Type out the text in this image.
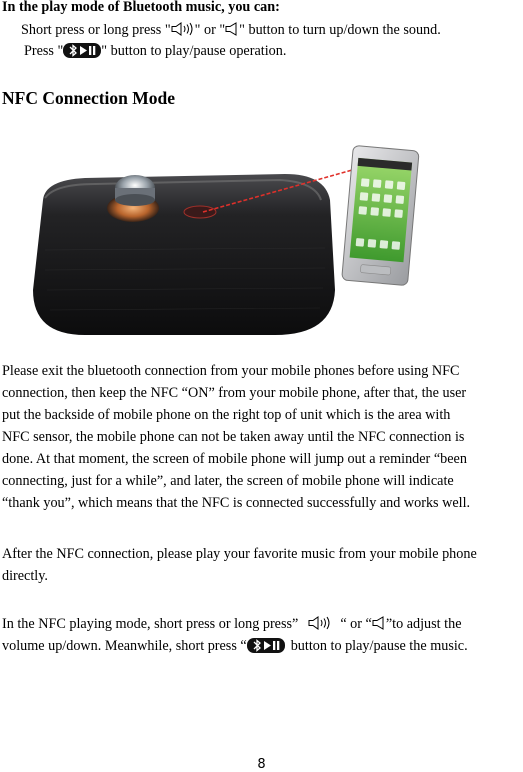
In the play mode of Bluetooth music, you can:
Short press or long press " " or " " button to turn up/down the sound.
Press "	" button to play/pause operation.
NFC Connection Mode
Please exit the bluetooth connection from your mobile phones before using NFC
connection, then keep the NFC “ON” from your mobile phone, after that, the user
put the backside of mobile phone on the right top of unit which is the area with
NFC sensor, the mobile phone can not be taken away until the NFC connection is
done. At that moment, the screen of mobile phone will jump out a reminder “been
connecting, just for a while”, and later, the screen of mobile phone will indicate
“thank you”, which means that the NFC is connected successfully and works well.
After the NFC connection, please play your favorite music from your mobile phone
directly.
In the NFC playing mode, short press or long press”	“ or “ ”to adjust the
volume up/down. Meanwhile, short press “	button to play/pause the music.
8
